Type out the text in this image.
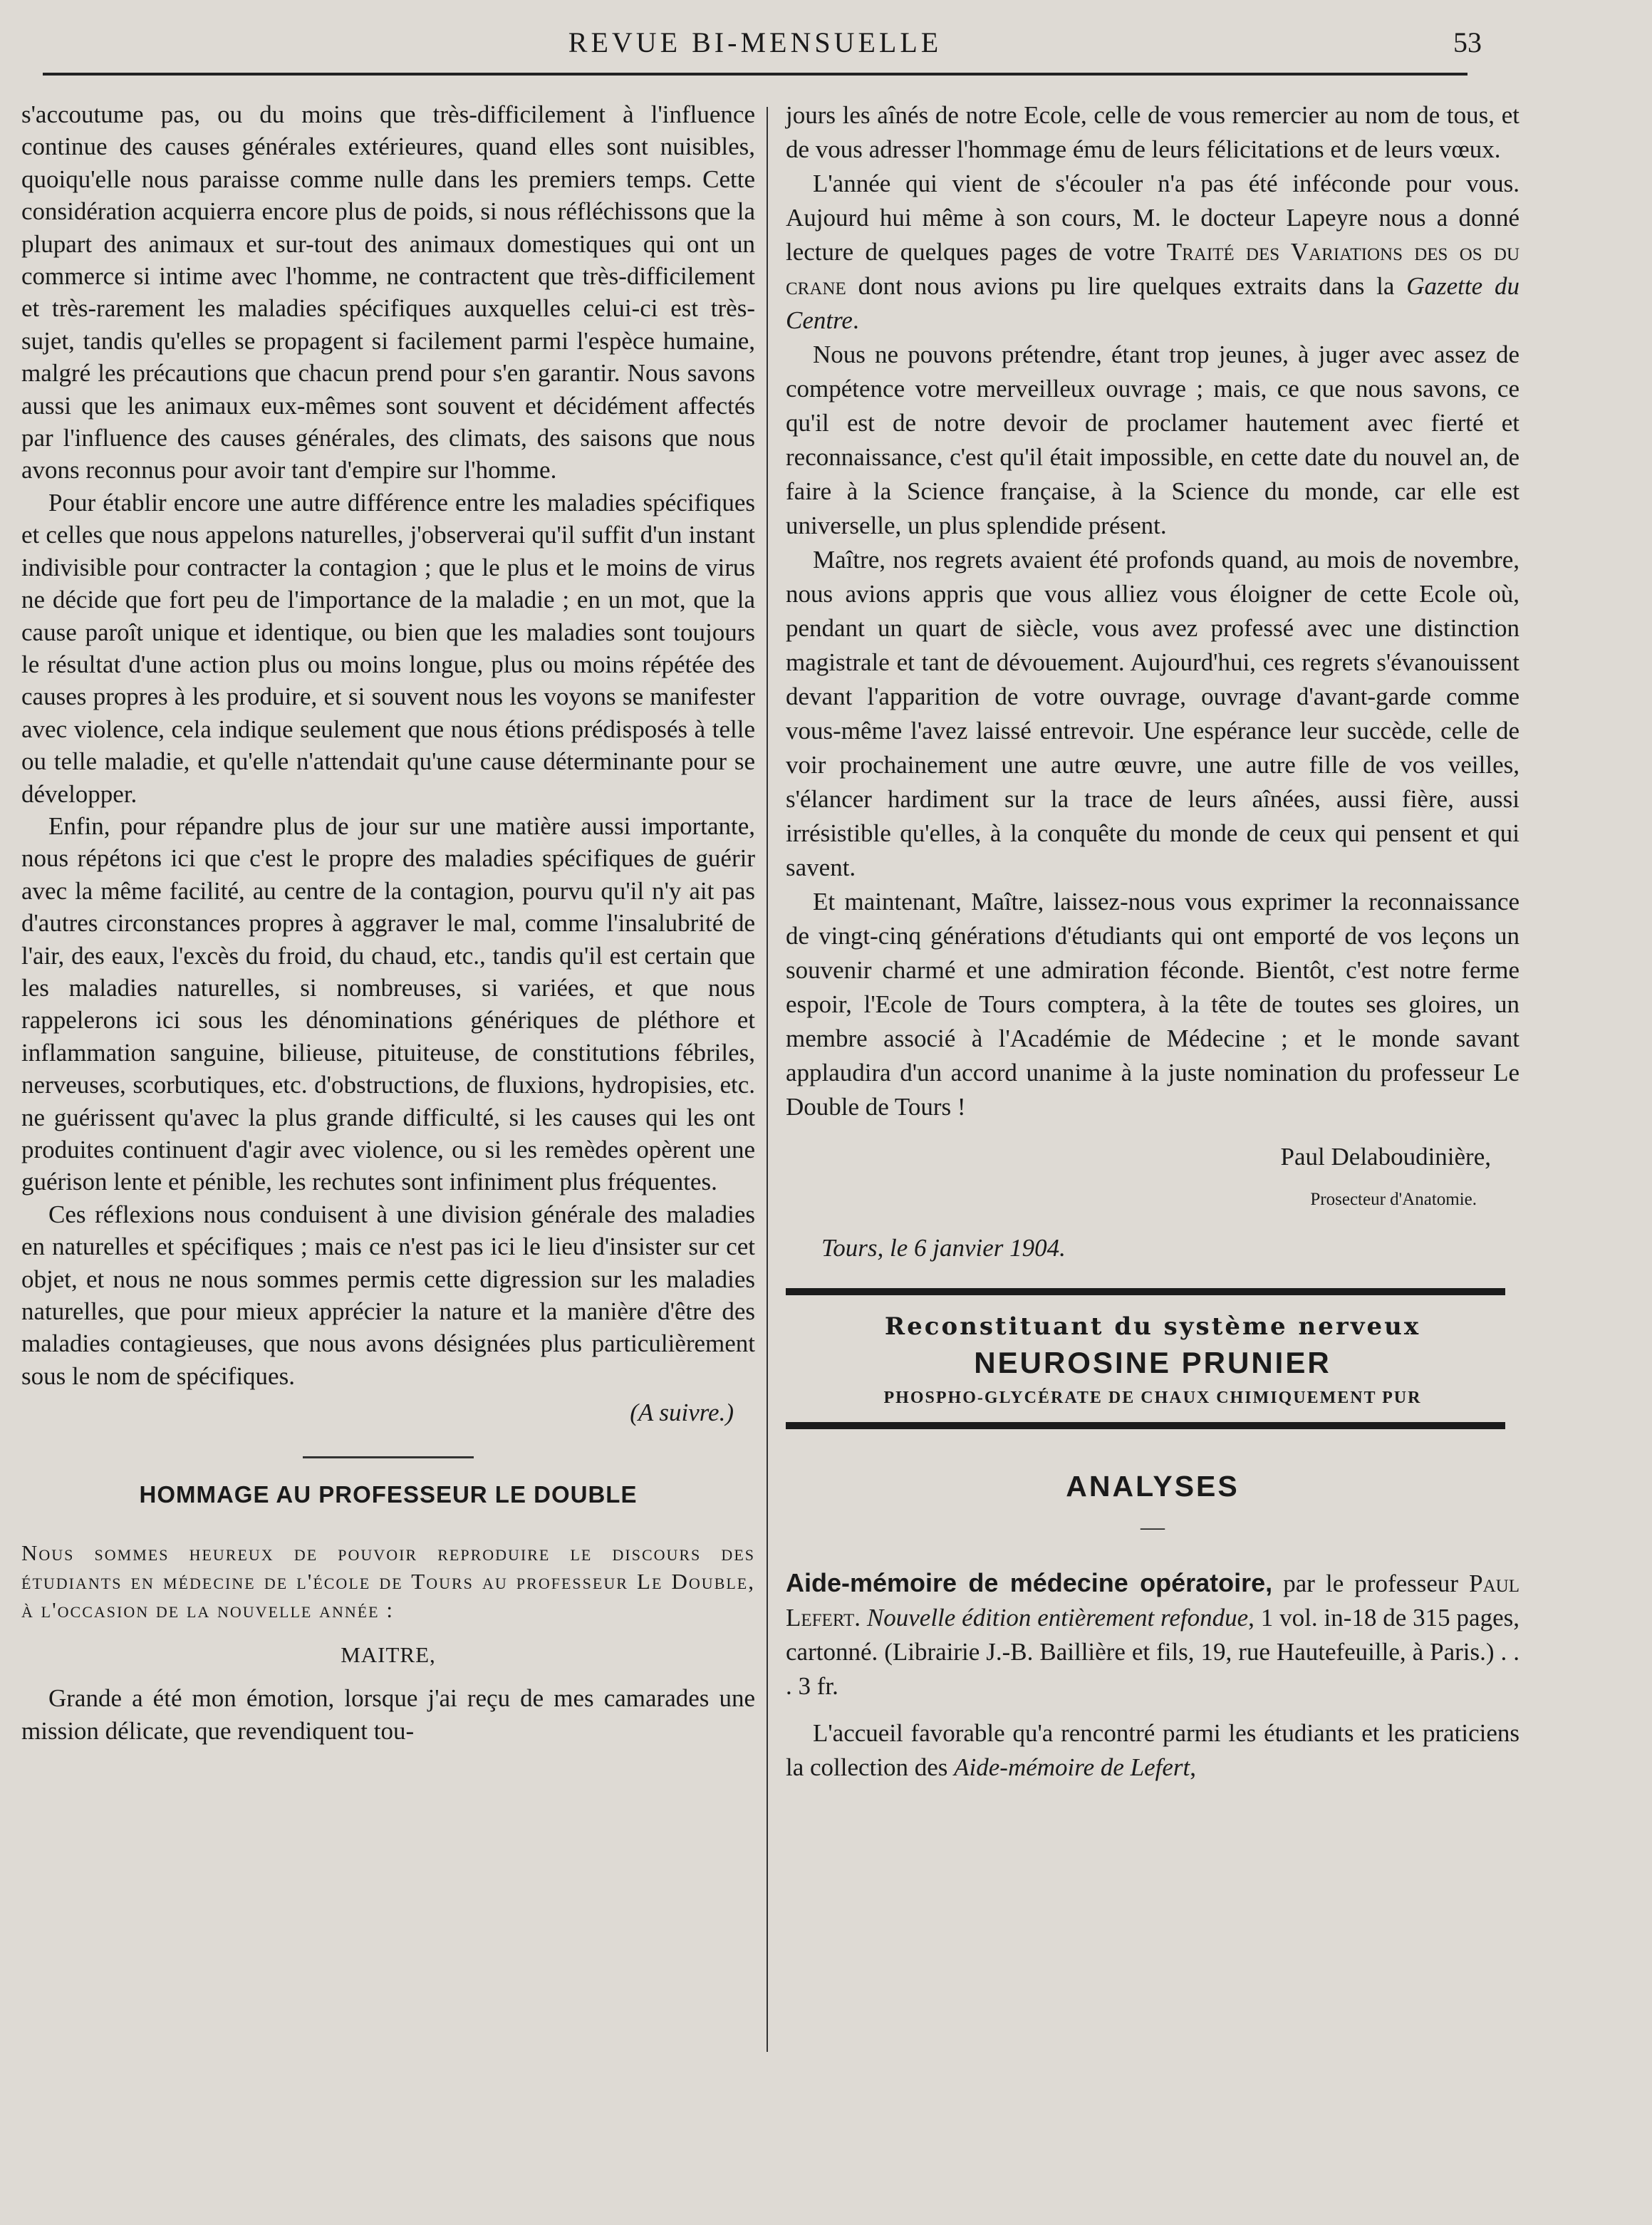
REVUE BI-MENSUELLE	53

s'accoutume pas, ou du moins que très-difficilement à l'influence continue des causes générales extérieures, quand elles sont nuisibles, quoiqu'elle nous paraisse comme nulle dans les premiers temps. Cette considération acquierra encore plus de poids, si nous réfléchissons que la plupart des animaux et sur-tout des animaux domestiques qui ont un commerce si intime avec l'homme, ne contractent que très-difficilement et très-rarement les maladies spécifiques auxquelles celui-ci est très-sujet, tandis qu'elles se propagent si facilement parmi l'espèce humaine, malgré les précautions que chacun prend pour s'en garantir. Nous savons aussi que les animaux eux-mêmes sont souvent et décidément affectés par l'influence des causes générales, des climats, des saisons que nous avons reconnus pour avoir tant d'empire sur l'homme.

Pour établir encore une autre différence entre les maladies spécifiques et celles que nous appelons naturelles, j'observerai qu'il suffit d'un instant indivisible pour contracter la contagion ; que le plus et le moins de virus ne décide que fort peu de l'importance de la maladie ; en un mot, que la cause paroît unique et identique, ou bien que les maladies sont toujours le résultat d'une action plus ou moins longue, plus ou moins répétée des causes propres à les produire, et si souvent nous les voyons se manifester avec violence, cela indique seulement que nous étions prédisposés à telle ou telle maladie, et qu'elle n'attendait qu'une cause déterminante pour se développer.

Enfin, pour répandre plus de jour sur une matière aussi importante, nous répétons ici que c'est le propre des maladies spécifiques de guérir avec la même facilité, au centre de la contagion, pourvu qu'il n'y ait pas d'autres circonstances propres à aggraver le mal, comme l'insalubrité de l'air, des eaux, l'excès du froid, du chaud, etc., tandis qu'il est certain que les maladies naturelles, si nombreuses, si variées, et que nous rappelerons ici sous les dénominations génériques de pléthore et inflammation sanguine, bilieuse, pituiteuse, de constitutions fébriles, nerveuses, scorbutiques, etc. d'obstructions, de fluxions, hydropisies, etc. ne guérissent qu'avec la plus grande difficulté, si les causes qui les ont produites continuent d'agir avec violence, ou si les remèdes opèrent une guérison lente et pénible, les rechutes sont infiniment plus fréquentes.

Ces réflexions nous conduisent à une division générale des maladies en naturelles et spécifiques ; mais ce n'est pas ici le lieu d'insister sur cet objet, et nous ne nous sommes permis cette digression sur les maladies naturelles, que pour mieux apprécier la nature et la manière d'être des maladies contagieuses, que nous avons désignées plus particulièrement sous le nom de spécifiques.

(A suivre.)
HOMMAGE AU PROFESSEUR LE DOUBLE
Nous sommes heureux de pouvoir reproduire le discours des étudiants en médecine de l'école de Tours au professeur Le Double, à l'occasion de la nouvelle année :
MAITRE,

Grande a été mon émotion, lorsque j'ai reçu de mes camarades une mission délicate, que revendiquent tou-

jours les aînés de notre Ecole, celle de vous remercier au nom de tous, et de vous adresser l'hommage ému de leurs félicitations et de leurs vœux.

L'année qui vient de s'écouler n'a pas été inféconde pour vous. Aujourd hui même à son cours, M. le docteur Lapeyre nous a donné lecture de quelques pages de votre Traité des Variations des os du crane dont nous avions pu lire quelques extraits dans la Gazette du Centre.

Nous ne pouvons prétendre, étant trop jeunes, à juger avec assez de compétence votre merveilleux ouvrage ; mais, ce que nous savons, ce qu'il est de notre devoir de proclamer hautement avec fierté et reconnaissance, c'est qu'il était impossible, en cette date du nouvel an, de faire à la Science française, à la Science du monde, car elle est universelle, un plus splendide présent.

Maître, nos regrets avaient été profonds quand, au mois de novembre, nous avions appris que vous alliez vous éloigner de cette Ecole où, pendant un quart de siècle, vous avez professé avec une distinction magistrale et tant de dévouement. Aujourd'hui, ces regrets s'évanouissent devant l'apparition de votre ouvrage, ouvrage d'avant-garde comme vous-même l'avez laissé entrevoir. Une espérance leur succède, celle de voir prochainement une autre œuvre, une autre fille de vos veilles, s'élancer hardiment sur la trace de leurs aînées, aussi fière, aussi irrésistible qu'elles, à la conquête du monde de ceux qui pensent et qui savent.

Et maintenant, Maître, laissez-nous vous exprimer la reconnaissance de vingt-cinq générations d'étudiants qui ont emporté de vos leçons un souvenir charmé et une admiration féconde. Bientôt, c'est notre ferme espoir, l'Ecole de Tours comptera, à la tête de toutes ses gloires, un membre associé à l'Académie de Médecine ; et le monde savant applaudira d'un accord unanime à la juste nomination du professeur Le Double de Tours !

Paul Delaboudinière,
Prosecteur d'Anatomie.
Tours, le 6 janvier 1904.
Reconstituant du système nerveux
NEUROSINE PRUNIER
PHOSPHO-GLYCÉRATE DE CHAUX CHIMIQUEMENT PUR
ANALYSES
—

Aide-mémoire de médecine opératoire, par le professeur Paul Lefert. Nouvelle édition entièrement refondue, 1 vol. in-18 de 315 pages, cartonné. (Librairie J.-B. Baillière et fils, 19, rue Hautefeuille, à Paris.) . . . 3 fr.

L'accueil favorable qu'a rencontré parmi les étudiants et les praticiens la collection des Aide-mémoire de Lefert,
